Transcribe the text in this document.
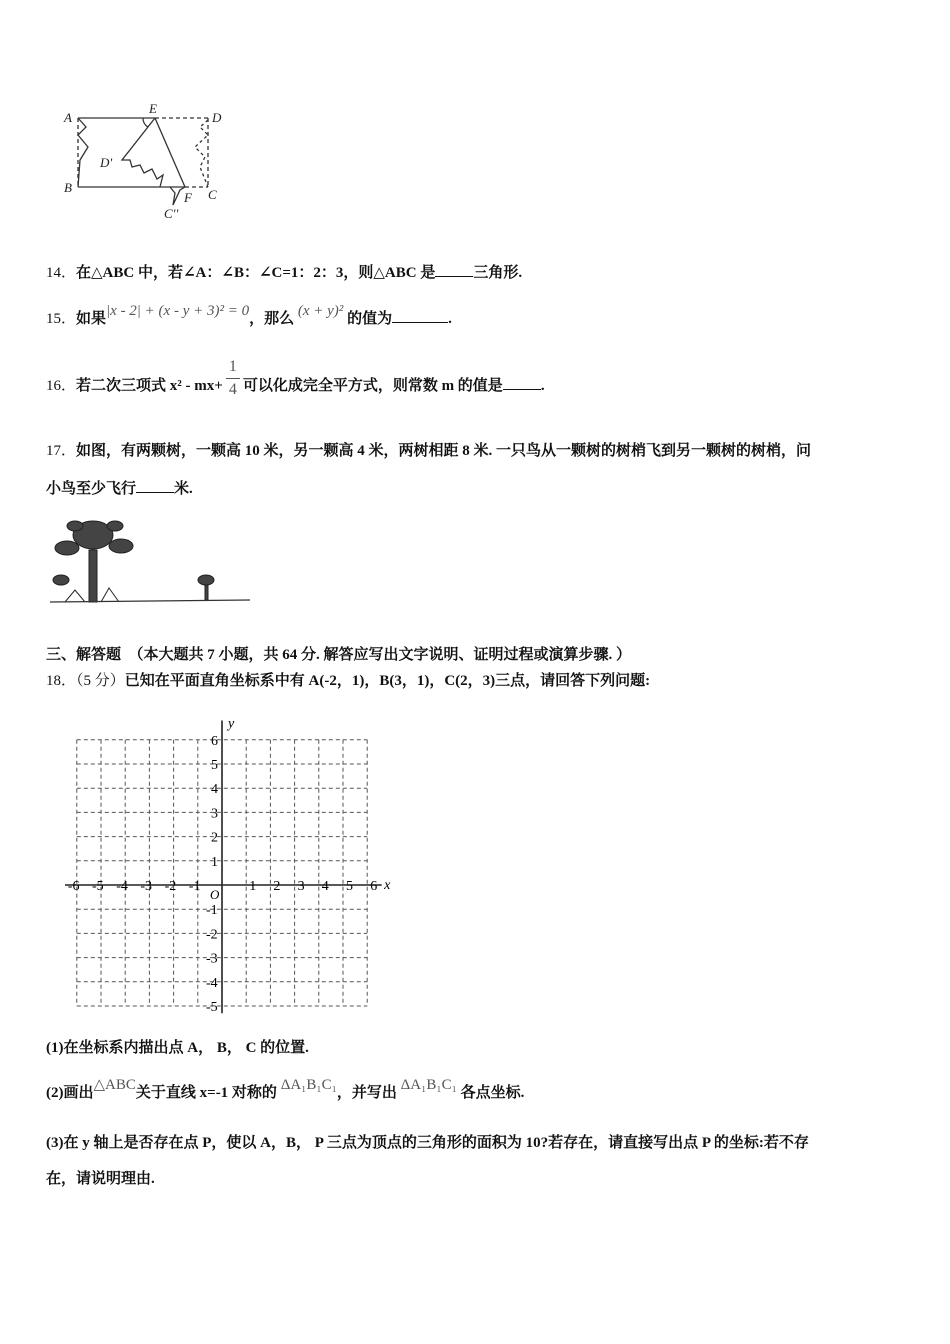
A
E
D
D'
B
F C
C''
14．在△ABC 中，若∠A：∠B：∠C=1：2：3，则△ABC 是	三角形.
15．如果|x - 2| + (x - y + 3)² = 0，那么 (x + y)² 的值为	.
16．若二次三项式 $x^2 - mx+ \frac{1}{4}$ 可以化成完全平方式，则常数 m 的值是	.
17．如图，有两颗树，一颗高 10 米，另一颗高 4 米，两树相距 8 米. 一只鸟从一颗树的树梢飞到另一颗树的树梢，问
小鸟至少飞行	米.
三、解答题 （本大题共 7 小题，共 64 分. 解答应写出文字说明、证明过程或演算步骤. ）
18．（5 分）已知在平面直角坐标系中有 A(-2，1)，B(3，1)，C(2，3)三点，请回答下列问题:
x
y
O
-6 -5 -4 -3 -2 -1	1 2 3 4 5 6
6
5
4
3
2
1
-1
-2
-3
-4
-5
(1)在坐标系内描出点 A， B， C 的位置.
(2)画出△ABC关于直线 x=-1 对称的 ΔA₁B₁C₁，并写出 ΔA₁B₁C₁ 各点坐标.
(3)在 y 轴上是否存在点 P，使以 A，B， P 三点为顶点的三角形的面积为 10?若存在，请直接写出点 P 的坐标:若不存
在，请说明理由.
